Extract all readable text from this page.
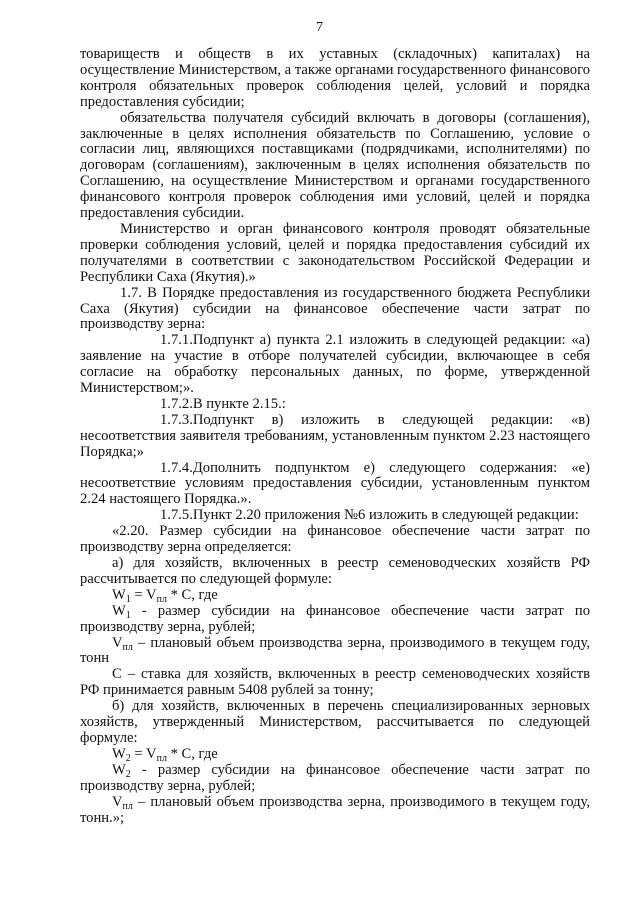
7

товариществ и обществ в их уставных (складочных) капиталах) на осуществление Министерством, а также органами государственного финансового контроля обязательных проверок соблюдения целей, условий и порядка предоставления субсидии;

обязательства получателя субсидий включать в договоры (соглашения), заключенные в целях исполнения обязательств по Соглашению, условие о согласии лиц, являющихся поставщиками (подрядчиками, исполнителями) по договорам (соглашениям), заключенным в целях исполнения обязательств по Соглашению, на осуществление Министерством и органами государственного финансового контроля проверок соблюдения ими условий, целей и порядка предоставления субсидии.

Министерство и орган финансового контроля проводят обязательные проверки соблюдения условий, целей и порядка предоставления субсидий их получателями в соответствии с законодательством Российской Федерации и Республики Саха (Якутия).»

1.7. В Порядке предоставления из государственного бюджета Республики Саха (Якутия) субсидии на финансовое обеспечение части затрат по производству зерна:

1.7.1.Подпункт а) пункта 2.1 изложить в следующей редакции: «а) заявление на участие в отборе получателей субсидии, включающее в себя согласие на обработку персональных данных, по форме, утвержденной Министерством;».

1.7.2.В пункте 2.15.:

1.7.3.Подпункт в) изложить в следующей редакции: «в) несоответствия заявителя требованиям, установленным пунктом 2.23 настоящего Порядка;»

1.7.4.Дополнить подпунктом е) следующего содержания: «е) несоответствие условиям предоставления субсидии, установленным пунктом 2.24 настоящего Порядка.».

1.7.5.Пункт 2.20 приложения №6 изложить в следующей редакции:

«2.20. Размер субсидии на финансовое обеспечение части затрат по производству зерна определяется:

а) для хозяйств, включенных в реестр семеноводческих хозяйств РФ рассчитывается по следующей формуле:

$W_1 = V_{пл} * С$, где

$W_1$ - размер субсидии на финансовое обеспечение части затрат по производству зерна, рублей;

$V_{пл}$ – плановый объем производства зерна, производимого в текущем году, тонн

С – ставка для хозяйств, включенных в реестр семеноводческих хозяйств РФ принимается равным 5408 рублей за тонну;

б) для хозяйств, включенных в перечень специализированных зерновых хозяйств, утвержденный Министерством, рассчитывается по следующей формуле:

$W_2 = V_{пл} * С$, где

$W_2$ - размер субсидии на финансовое обеспечение части затрат по производству зерна, рублей;

$V_{пл}$ – плановый объем производства зерна, производимого в текущем году, тонн.»;
